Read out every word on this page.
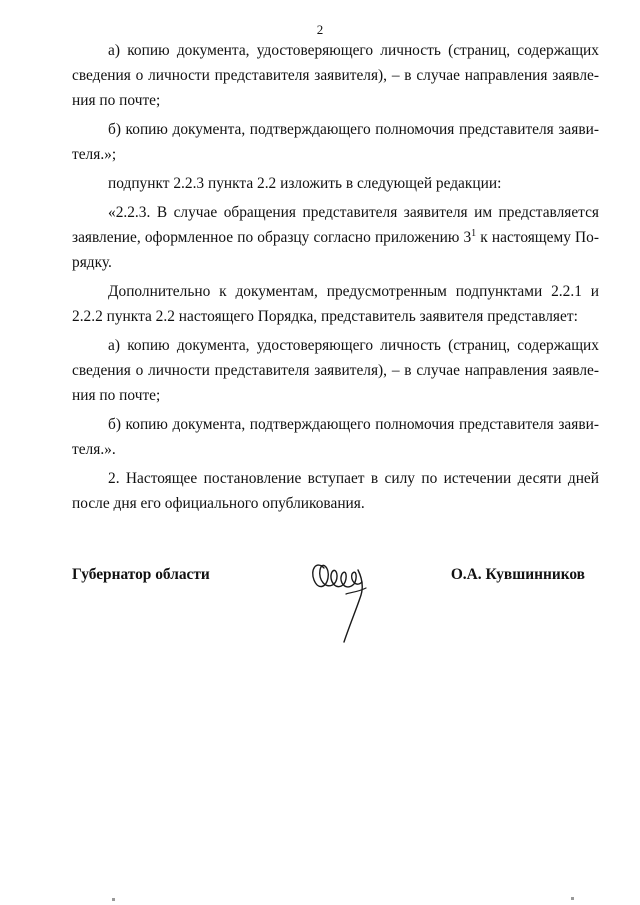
2

а) копию документа, удостоверяющего личность (страниц, содержащих сведения о личности представителя заявителя), – в случае направления заявления по почте;

б) копию документа, подтверждающего полномочия представителя заявителя.»;

подпункт 2.2.3 пункта 2.2 изложить в следующей редакции:

«2.2.3. В случае обращения представителя заявителя им представляется заявление, оформленное по образцу согласно приложению $3^1$ к настоящему Порядку.

Дополнительно к документам, предусмотренным подпунктами 2.2.1 и 2.2.2 пункта 2.2 настоящего Порядка, представитель заявителя представляет:

а) копию документа, удостоверяющего личность (страниц, содержащих сведения о личности представителя заявителя), – в случае направления заявления по почте;

б) копию документа, подтверждающего полномочия представителя заявителя.».

2. Настоящее постановление вступает в силу по истечении десяти дней после дня его официального опубликования.

Губернатор области	О.А. Кувшинников
